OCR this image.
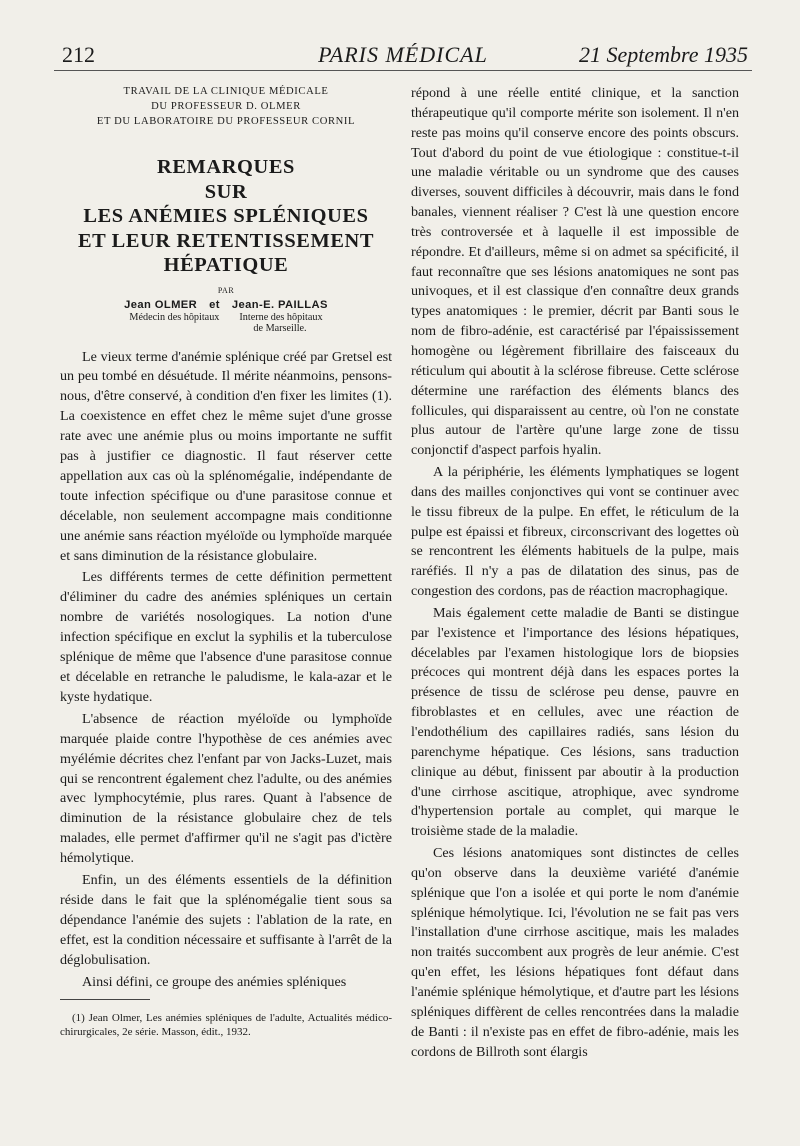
212	PARIS MÉDICAL	21 Septembre 1935
TRAVAIL DE LA CLINIQUE MÉDICALE
DU PROFESSEUR D. OLMER
ET DU LABORATOIRE DU PROFESSEUR CORNIL
REMARQUES
SUR
LES ANÉMIES SPLÉNIQUES
ET LEUR RETENTISSEMENT
HÉPATIQUE
PAR
Jean OLMER et Jean-E. PAILLAS
Médecin des hôpitaux Interne des hôpitaux
de Marseille.

Le vieux terme d'anémie splénique créé par Gretsel est un peu tombé en désuétude. Il mérite néanmoins, pensons-nous, d'être conservé, à condition d'en fixer les limites (1). La coexistence en effet chez le même sujet d'une grosse rate avec une anémie plus ou moins importante ne suffit pas à justifier ce diagnostic. Il faut réserver cette appellation aux cas où la splénomégalie, indépendante de toute infection spécifique ou d'une parasitose connue et décelable, non seulement accompagne mais conditionne une anémie sans réaction myéloïde ou lymphoïde marquée et sans diminution de la résistance globulaire.

Les différents termes de cette définition permettent d'éliminer du cadre des anémies spléniques un certain nombre de variétés nosologiques. La notion d'une infection spécifique en exclut la syphilis et la tuberculose splénique de même que l'absence d'une parasitose connue et décelable en retranche le paludisme, le kala-azar et le kyste hydatique.

L'absence de réaction myéloïde ou lymphoïde marquée plaide contre l'hypothèse de ces anémies avec myélémie décrites chez l'enfant par von Jacks-Luzet, mais qui se rencontrent également chez l'adulte, ou des anémies avec lymphocytémie, plus rares. Quant à l'absence de diminution de la résistance globulaire chez de tels malades, elle permet d'affirmer qu'il ne s'agit pas d'ictère hémolytique.

Enfin, un des éléments essentiels de la définition réside dans le fait que la splénomégalie tient sous sa dépendance l'anémie des sujets : l'ablation de la rate, en effet, est la condition nécessaire et suffisante à l'arrêt de la déglobulisation.

Ainsi défini, ce groupe des anémies spléniques

(1) Jean Olmer, Les anémies spléniques de l'adulte, Actualités médico-chirurgicales, 2e série. Masson, édit., 1932.

répond à une réelle entité clinique, et la sanction thérapeutique qu'il comporte mérite son isolement. Il n'en reste pas moins qu'il conserve encore des points obscurs. Tout d'abord du point de vue étiologique : constitue-t-il une maladie véritable ou un syndrome que des causes diverses, souvent difficiles à découvrir, mais dans le fond banales, viennent réaliser ? C'est là une question encore très controversée et à laquelle il est impossible de répondre. Et d'ailleurs, même si on admet sa spécificité, il faut reconnaître que ses lésions anatomiques ne sont pas univoques, et il est classique d'en connaître deux grands types anatomiques : le premier, décrit par Banti sous le nom de fibro-adénie, est caractérisé par l'épaississement homogène ou légèrement fibrillaire des faisceaux du réticulum qui aboutit à la sclérose fibreuse. Cette sclérose détermine une raréfaction des éléments blancs des follicules, qui disparaissent au centre, où l'on ne constate plus autour de l'artère qu'une large zone de tissu conjonctif d'aspect parfois hyalin.

A la périphérie, les éléments lymphatiques se logent dans des mailles conjonctives qui vont se continuer avec le tissu fibreux de la pulpe. En effet, le réticulum de la pulpe est épaissi et fibreux, circonscrivant des logettes où se rencontrent les éléments habituels de la pulpe, mais raréfiés. Il n'y a pas de dilatation des sinus, pas de congestion des cordons, pas de réaction macrophagique.

Mais également cette maladie de Banti se distingue par l'existence et l'importance des lésions hépatiques, décelables par l'examen histologique lors de biopsies précoces qui montrent déjà dans les espaces portes la présence de tissu de sclérose peu dense, pauvre en fibroblastes et en cellules, avec une réaction de l'endothélium des capillaires radiés, sans lésion du parenchyme hépatique. Ces lésions, sans traduction clinique au début, finissent par aboutir à la production d'une cirrhose ascitique, atrophique, avec syndrome d'hypertension portale au complet, qui marque le troisième stade de la maladie.

Ces lésions anatomiques sont distinctes de celles qu'on observe dans la deuxième variété d'anémie splénique que l'on a isolée et qui porte le nom d'anémie splénique hémolytique. Ici, l'évolution ne se fait pas vers l'installation d'une cirrhose ascitique, mais les malades non traités succombent aux progrès de leur anémie. C'est qu'en effet, les lésions hépatiques font défaut dans l'anémie splénique hémolytique, et d'autre part les lésions spléniques diffèrent de celles rencontrées dans la maladie de Banti : il n'existe pas en effet de fibro-adénie, mais les cordons de Billroth sont élargis
